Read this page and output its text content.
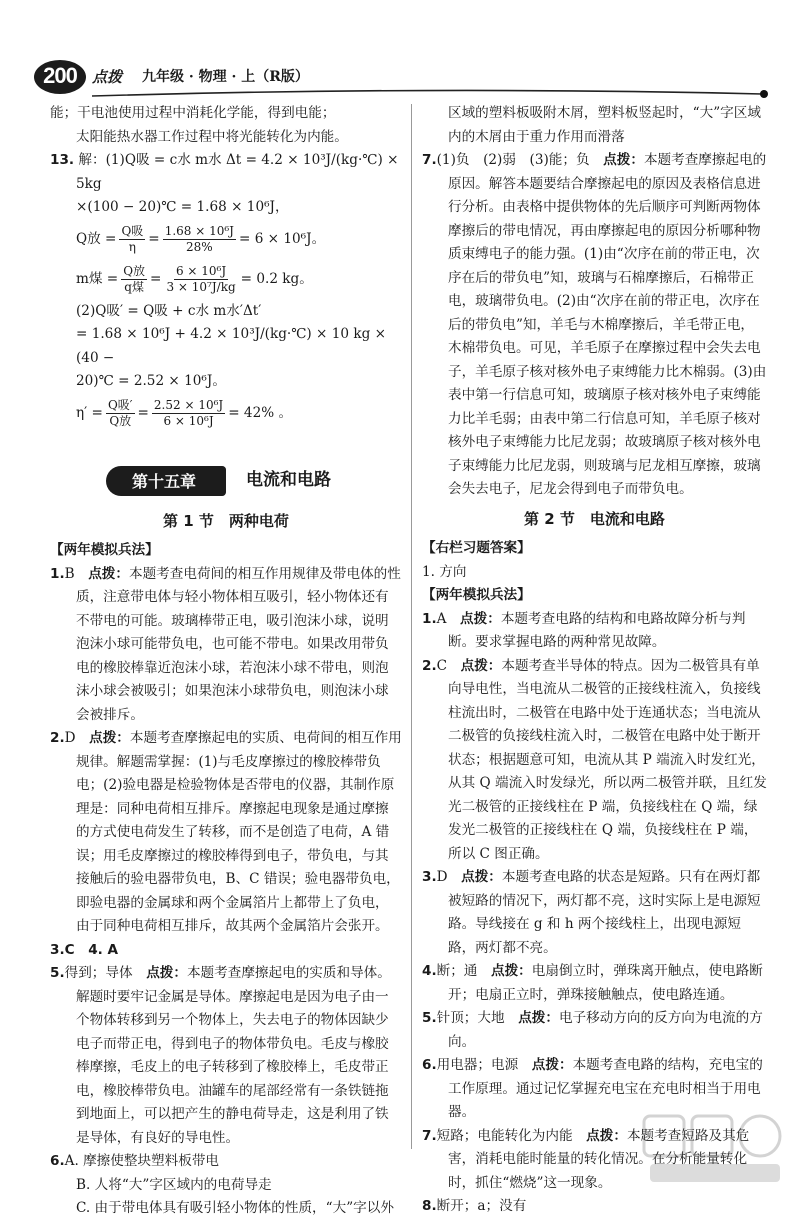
200	点拨 九年级 · 物理 · 上（R版）

能；干电池使用过程中消耗化学能，得到电能；

太阳能热水器工作过程中将光能转化为内能。

13. 解：(1)Q吸 = c水 m水 Δt = 4.2 × 10³J/(kg·℃) × 5kg

×(100 − 20)℃ = 1.68 × 10⁶J，

Q放 = $\frac{\text{Q吸}}{\eta} = \frac{\text{1.68 × 10⁶J}}{28\%} = 6 \times 10^6J$。
m煤 = $\frac{\text{Q放}}{\text{q煤}} = \frac{\text{6 × 10⁶J}}{\text{3 × 10⁷J/kg}} = 0.2$ kg。

(2)Q吸′ = Q吸 + c水 m水′Δt′

= 1.68 × 10⁶J + 4.2 × 10³J/(kg·℃) × 10 kg × (40 −

20)℃ = 2.52 × 10⁶J。

$\eta' = \frac{\text{Q吸′}}{\text{Q放}} = \frac{\text{2.52 × 10⁶J}}{\text{6 × 10⁶J}} = 42\%$ 。
第十五章	电流和电路

第 1 节　两种电荷

【两年模拟兵法】

1.B　点拨：本题考查电荷间的相互作用规律及带电体的性质，注意带电体与轻小物体相互吸引，轻小物体还有不带电的可能。玻璃棒带正电，吸引泡沫小球，说明泡沫小球可能带负电，也可能不带电。如果改用带负电的橡胶棒靠近泡沫小球，若泡沫小球不带电，则泡沫小球会被吸引；如果泡沫小球带负电，则泡沫小球会被排斥。

2.D　点拨：本题考查摩擦起电的实质、电荷间的相互作用规律。解题需掌握：(1)与毛皮摩擦过的橡胶棒带负电；(2)验电器是检验物体是否带电的仪器，其制作原理是：同种电荷相互排斥。摩擦起电现象是通过摩擦的方式使电荷发生了转移，而不是创造了电荷，A 错误；用毛皮摩擦过的橡胶棒得到电子，带负电，与其接触后的验电器带负电，B、C 错误；验电器带负电，即验电器的金属球和两个金属箔片上都带上了负电，由于同种电荷相互排斥，故其两个金属箔片会张开。

3.C　4. A

5.得到；导体　点拨：本题考查摩擦起电的实质和导体。解题时要牢记金属是导体。摩擦起电是因为电子由一个物体转移到另一个物体上，失去电子的物体因缺少电子而带正电，得到电子的物体带负电。毛皮与橡胶棒摩擦，毛皮上的电子转移到了橡胶棒上，毛皮带正电，橡胶棒带负电。油罐车的尾部经常有一条铁链拖到地面上，可以把产生的静电荷导走，这是利用了铁是导体，有良好的导电性。

6.A. 摩擦使整块塑料板带电

B. 人将“大”字区域内的电荷导走

C. 由于带电体具有吸引轻小物体的性质，“大”字以外

区域的塑料板吸附木屑，塑料板竖起时，“大”字区域

内的木屑由于重力作用而滑落

7.(1)负　(2)弱　(3)能；负　点拨：本题考查摩擦起电的原因。解答本题要结合摩擦起电的原因及表格信息进行分析。由表格中提供物体的先后顺序可判断两物体摩擦后的带电情况，再由摩擦起电的原因分析哪种物质束缚电子的能力强。(1)由“次序在前的带正电，次序在后的带负电”知，玻璃与石棉摩擦后，石棉带正电，玻璃带负电。(2)由“次序在前的带正电，次序在后的带负电”知，羊毛与木棉摩擦后，羊毛带正电，木棉带负电。可见，羊毛原子在摩擦过程中会失去电子，羊毛原子核对核外电子束缚能力比木棉弱。(3)由表中第一行信息可知，玻璃原子核对核外电子束缚能力比羊毛弱；由表中第二行信息可知，羊毛原子核对核外电子束缚能力比尼龙弱；故玻璃原子核对核外电子束缚能力比尼龙弱，则玻璃与尼龙相互摩擦，玻璃会失去电子，尼龙会得到电子而带负电。

第 2 节　电流和电路

【右栏习题答案】

1. 方向

【两年模拟兵法】

1.A　点拨：本题考查电路的结构和电路故障分析与判断。要求掌握电路的两种常见故障。

2.C　点拨：本题考查半导体的特点。因为二极管具有单向导电性，当电流从二极管的正接线柱流入，负接线柱流出时，二极管在电路中处于连通状态；当电流从二极管的负接线柱流入时，二极管在电路中处于断开状态；根据题意可知，电流从其 P 端流入时发红光，从其 Q 端流入时发绿光，所以两二极管并联，且红发光二极管的正接线柱在 P 端，负接线柱在 Q 端，绿发光二极管的正接线柱在 Q 端，负接线柱在 P 端，所以 C 图正确。

3.D　点拨：本题考查电路的状态是短路。只有在两灯都被短路的情况下，两灯都不亮，这时实际上是电源短路。导线接在 g 和 h 两个接线柱上，出现电源短路，两灯都不亮。

4.断；通　点拨：电扇倒立时，弹珠离开触点，使电路断开；电扇正立时，弹珠接触触点，使电路连通。

5.针顶；大地　点拨：电子移动方向的反方向为电流的方向。

6.用电器；电源　点拨：本题考查电路的结构，充电宝的工作原理。通过记忆掌握充电宝在充电时相当于用电器。

7.短路；电能转化为内能　点拨：本题考查短路及其危害，消耗电能时能量的转化情况。在分析能量转化时，抓住“燃烧”这一现象。

8.断开；a；没有
